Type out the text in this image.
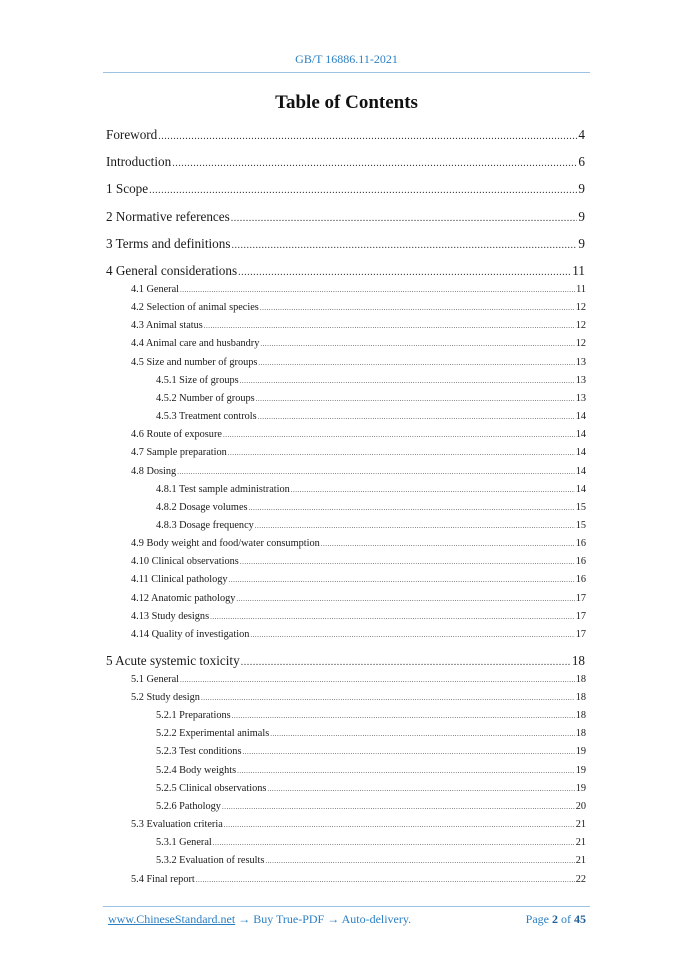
GB/T 16886.11-2021
Table of Contents
Foreword .....	4
Introduction .....	6
1 Scope .....	9
2 Normative references .....	9
3 Terms and definitions .....	9
4 General considerations .....	11
4.1 General .....	11
4.2 Selection of animal species .....	12
4.3 Animal status .....	12
4.4 Animal care and husbandry .....	12
4.5 Size and number of groups .....	13
4.5.1 Size of groups .....	13
4.5.2 Number of groups .....	13
4.5.3 Treatment controls .....	14
4.6 Route of exposure .....	14
4.7 Sample preparation .....	14
4.8 Dosing .....	14
4.8.1 Test sample administration .....	14
4.8.2 Dosage volumes .....	15
4.8.3 Dosage frequency .....	15
4.9 Body weight and food/water consumption .....	16
4.10 Clinical observations .....	16
4.11 Clinical pathology .....	16
4.12 Anatomic pathology .....	17
4.13 Study designs .....	17
4.14 Quality of investigation .....	17
5 Acute systemic toxicity .....	18
5.1 General .....	18
5.2 Study design .....	18
5.2.1 Preparations .....	18
5.2.2 Experimental animals .....	18
5.2.3 Test conditions .....	19
5.2.4 Body weights .....	19
5.2.5 Clinical observations .....	19
5.2.6 Pathology .....	20
5.3 Evaluation criteria .....	21
5.3.1 General .....	21
5.3.2 Evaluation of results .....	21
5.4 Final report .....	22
www.ChineseStandard.net → Buy True-PDF → Auto-delivery.	Page 2 of 45
